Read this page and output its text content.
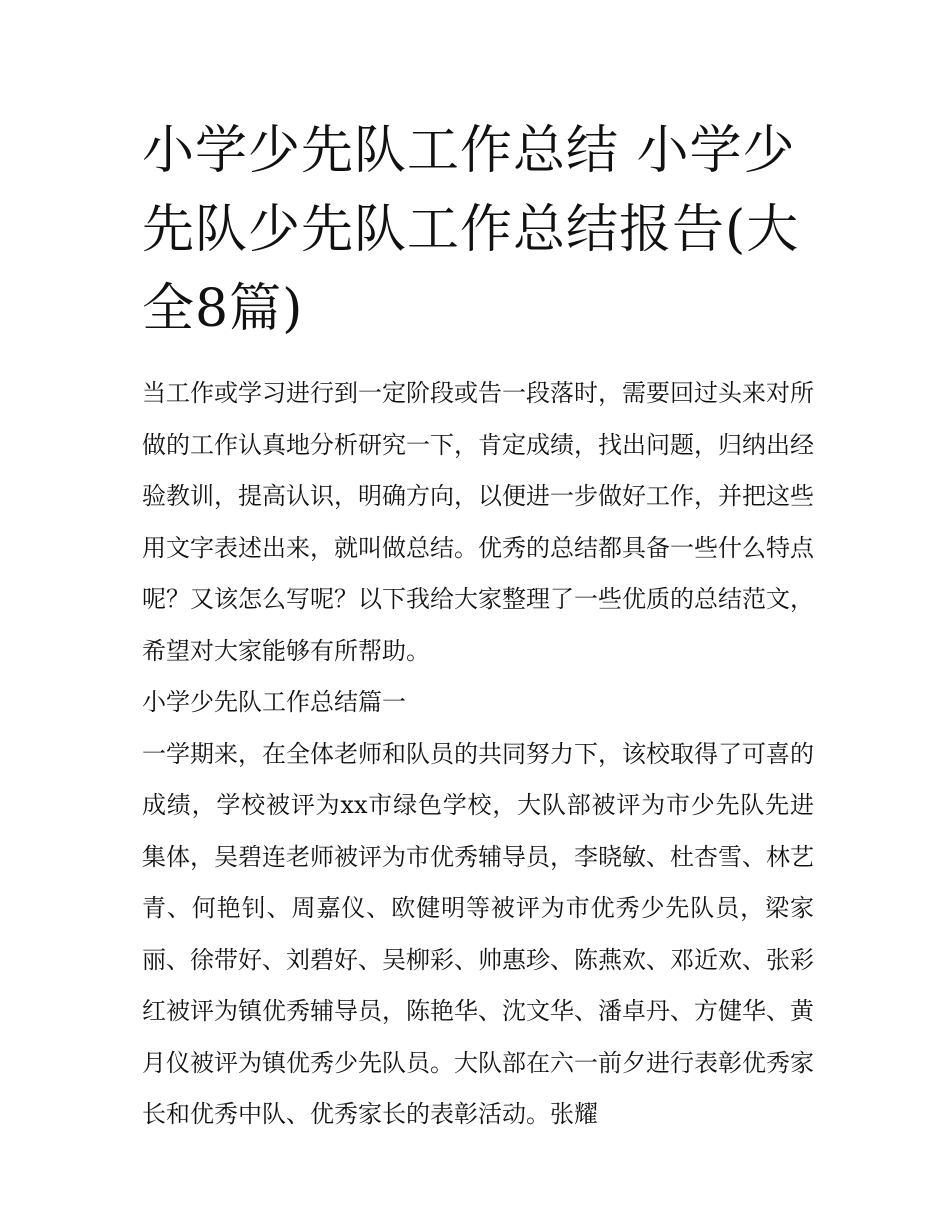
小学少先队工作总结 小学少先队少先队工作总结报告(大全8篇)

当工作或学习进行到一定阶段或告一段落时，需要回过头来对所做的工作认真地分析研究一下，肯定成绩，找出问题，归纳出经验教训，提高认识，明确方向，以便进一步做好工作，并把这些用文字表述出来，就叫做总结。优秀的总结都具备一些什么特点呢？又该怎么写呢？以下我给大家整理了一些优质的总结范文，希望对大家能够有所帮助。

小学少先队工作总结篇一

一学期来，在全体老师和队员的共同努力下，该校取得了可喜的成绩，学校被评为xx市绿色学校，大队部被评为市少先队先进集体，吴碧连老师被评为市优秀辅导员，李晓敏、杜杏雪、林艺青、何艳钊、周嘉仪、欧健明等被评为市优秀少先队员，梁家丽、徐带好、刘碧好、吴柳彩、帅惠珍、陈燕欢、邓近欢、张彩红被评为镇优秀辅导员，陈艳华、沈文华、潘卓丹、方健华、黄月仪被评为镇优秀少先队员。大队部在六一前夕进行表彰优秀家长和优秀中队、优秀家长的表彰活动。张耀
